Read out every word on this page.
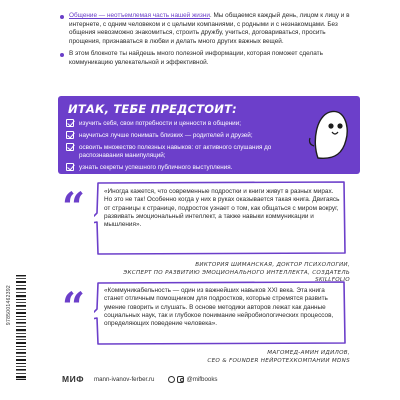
Общение — неотъемлемая часть нашей жизни. Мы общаемся каждый день, лицом к лицу и в интернете, с одним человеком и с целыми компаниями, с родными и с незнакомцами. Без общения невозможно знакомиться, строить дружбу, учиться, договариваться, просить прощения, признаваться в любви и делать много других важных вещей.

В этом блокноте ты найдешь много полезной информации, которая поможет сделать коммуникацию увлекательной и эффективной.

ИТАК, ТЕБЕ ПРЕДСТОИТ:
изучить себя, свои потребности и ценности в общении;
научиться лучше понимать близких — родителей и друзей;
освоить множество полезных навыков: от активного слушания до распознавания манипуляций;
узнать секреты успешного публичного выступления.
“	«Иногда кажется, что современные подростки и книги живут в разных мирах. Но это не так! Особенно когда у них в руках оказывается такая книга. Двигаясь от страницы к странице, подросток узнает о том, как общаться с миром вокруг, развивать эмоциональный интеллект, а также навыки коммуникации и мышления».
ВИКТОРИЯ ШИМАНСКАЯ, ДОКТОР ПСИХОЛОГИИ,
ЭКСПЕРТ ПО РАЗВИТИЮ ЭМОЦИОНАЛЬНОГО ИНТЕЛЛЕКТА, СОЗДАТЕЛЬ SKILLFOLIO
“	«Коммуникабельность — один из важнейших навыков XXI века. Эта книга станет отличным помощником для подростков, которые стремятся развить умение говорить и слушать. В основе методики авторов лежат как данные социальных наук, так и глубокое понимание нейробиологических процессов, определяющих поведение человека».
МАГОМЕД-АМИН ИДИЛОВ,
CEO & FOUNDER НЕЙРОТЕХКОМПАНИИ MDNS
9785001462392
МИФ mann-ivanov-ferber.ru	@mifbooks
